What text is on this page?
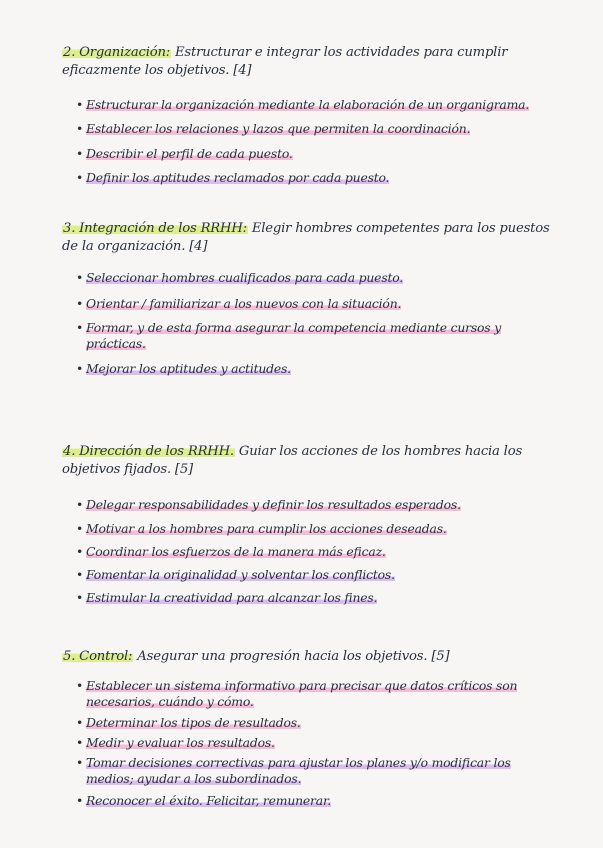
2. Organización: Estructurar e integrar los actividades para cumplir eficazmente los objetivos. [4]
• Estructurar la organización mediante la elaboración de un organigrama.
• Establecer los relaciones y lazos que permiten la coordinación.
• Describir el perfil de cada puesto.
• Definir los aptitudes reclamados por cada puesto.
3. Integración de los RRHH: Elegir hombres competentes para los puestos de la organización. [4]
• Seleccionar hombres cualificados para cada puesto.
• Orientar / familiarizar a los nuevos con la situación.
• Formar, y de esta forma asegurar la competencia mediante cursos y prácticas.
• Mejorar los aptitudes y actitudes.
4. Dirección de los RRHH. Guiar los acciones de los hombres hacia los objetivos fijados. [5]
• Delegar responsabilidades y definir los resultados esperados.
• Motivar a los hombres para cumplir los acciones deseadas.
• Coordinar los esfuerzos de la manera más eficaz.
• Fomentar la originalidad y solventar los conflictos.
• Estimular la creatividad para alcanzar los fines.
5. Control: Asegurar una progresión hacia los objetivos. [5]
• Establecer un sistema informativo para precisar que datos críticos son necesarios, cuándo y cómo.
• Determinar los tipos de resultados.
• Medir y evaluar los resultados.
• Tomar decisiones correctivas para ajustar los planes y/o modificar los medios; ayudar a los subordinados.
• Reconocer el éxito. Felicitar, remunerar.
